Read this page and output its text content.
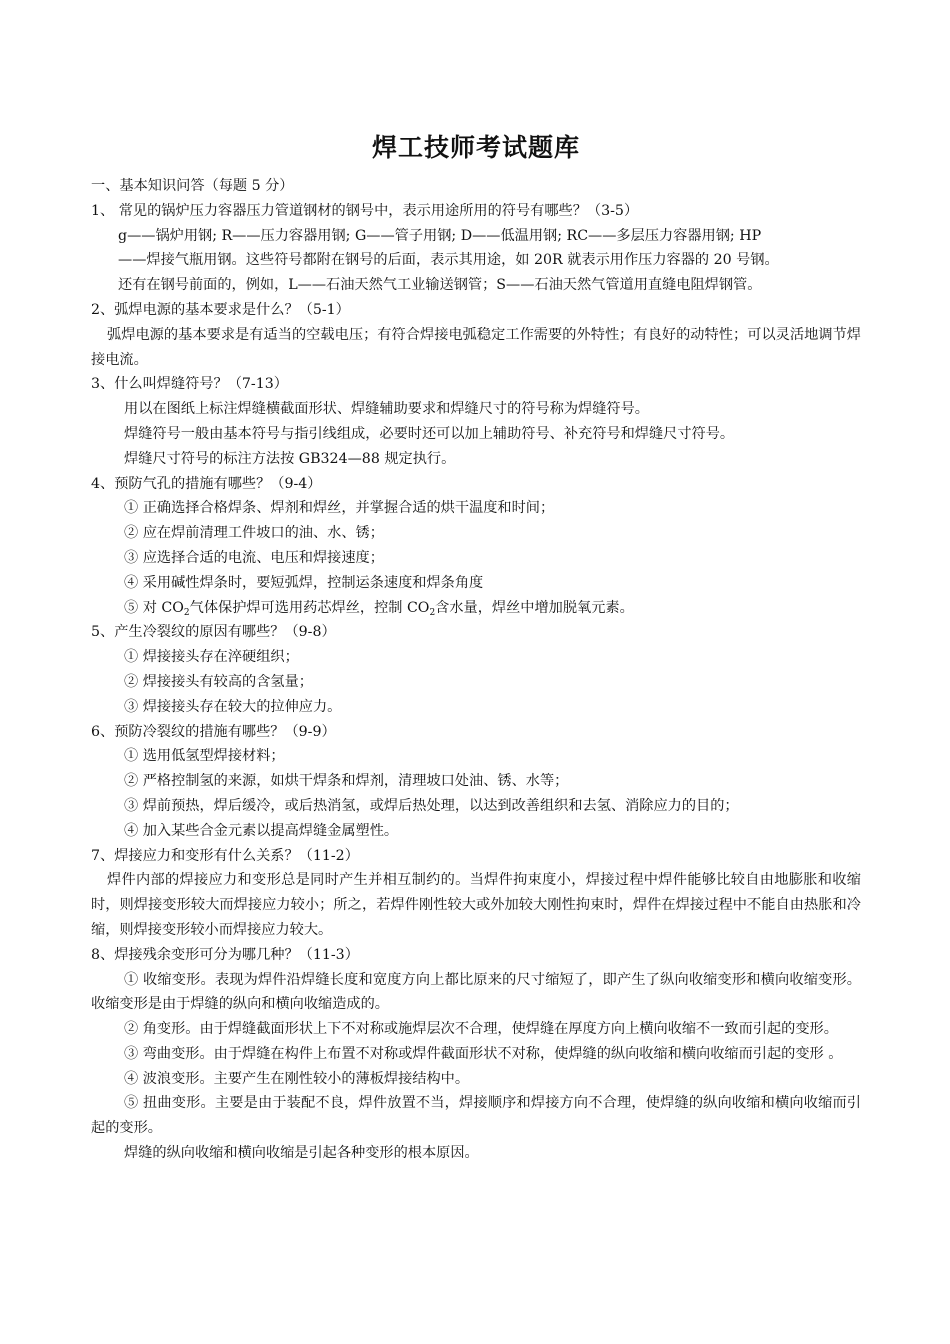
焊工技师考试题库
一、基本知识问答（每题 5 分）
1、 常见的锅炉压力容器压力管道钢材的钢号中，表示用途所用的符号有哪些？（3-5）
g——锅炉用钢; R——压力容器用钢; G——管子用钢; D——低温用钢; RC——多层压力容器用钢; HP
——焊接气瓶用钢。这些符号都附在钢号的后面，表示其用途，如 20R 就表示用作压力容器的 20 号钢。
还有在钢号前面的，例如，L——石油天然气工业输送钢管；S——石油天然气管道用直缝电阻焊钢管。
2、弧焊电源的基本要求是什么？（5-1）
弧焊电源的基本要求是有适当的空载电压；有符合焊接电弧稳定工作需要的外特性；有良好的动特性；可以灵活地调节焊接电流。
3、什么叫焊缝符号？（7-13）
用以在图纸上标注焊缝横截面形状、焊缝辅助要求和焊缝尺寸的符号称为焊缝符号。
焊缝符号一般由基本符号与指引线组成，必要时还可以加上辅助符号、补充符号和焊缝尺寸符号。
焊缝尺寸符号的标注方法按 GB324—88 规定执行。
4、预防气孔的措施有哪些？（9-4）
① 正确选择合格焊条、焊剂和焊丝，并掌握合适的烘干温度和时间；
② 应在焊前清理工件坡口的油、水、锈；
③ 应选择合适的电流、电压和焊接速度；
④ 采用碱性焊条时，要短弧焊，控制运条速度和焊条角度
⑤ 对 $CO_2$气体保护焊可选用药芯焊丝，控制 $CO_2$含水量，焊丝中增加脱氧元素。
5、产生冷裂纹的原因有哪些？（9-8）
① 焊接接头存在淬硬组织；
② 焊接接头有较高的含氢量；
③ 焊接接头存在较大的拉伸应力。
6、预防冷裂纹的措施有哪些？（9-9）
① 选用低氢型焊接材料；
② 严格控制氢的来源，如烘干焊条和焊剂，清理坡口处油、锈、水等；
③ 焊前预热，焊后缓冷，或后热消氢，或焊后热处理，以达到改善组织和去氢、消除应力的目的；
④ 加入某些合金元素以提高焊缝金属塑性。
7、焊接应力和变形有什么关系？（11-2）
焊件内部的焊接应力和变形总是同时产生并相互制约的。当焊件拘束度小，焊接过程中焊件能够比较自由地膨胀和收缩时，则焊接变形较大而焊接应力较小；所之，若焊件刚性较大或外加较大刚性拘束时，焊件在焊接过程中不能自由热胀和冷缩，则焊接变形较小而焊接应力较大。
8、焊接残余变形可分为哪几种？（11-3）
① 收缩变形。表现为焊件沿焊缝长度和宽度方向上都比原来的尺寸缩短了，即产生了纵向收缩变形和横向收缩变形。收缩变形是由于焊缝的纵向和横向收缩造成的。
② 角变形。由于焊缝截面形状上下不对称或施焊层次不合理，使焊缝在厚度方向上横向收缩不一致而引起的变形。
③ 弯曲变形。由于焊缝在构件上布置不对称或焊件截面形状不对称，使焊缝的纵向收缩和横向收缩而引起的变形 。
④ 波浪变形。主要产生在刚性较小的薄板焊接结构中。
⑤ 扭曲变形。主要是由于装配不良，焊件放置不当，焊接顺序和焊接方向不合理，使焊缝的纵向收缩和横向收缩而引起的变形。
焊缝的纵向收缩和横向收缩是引起各种变形的根本原因。
